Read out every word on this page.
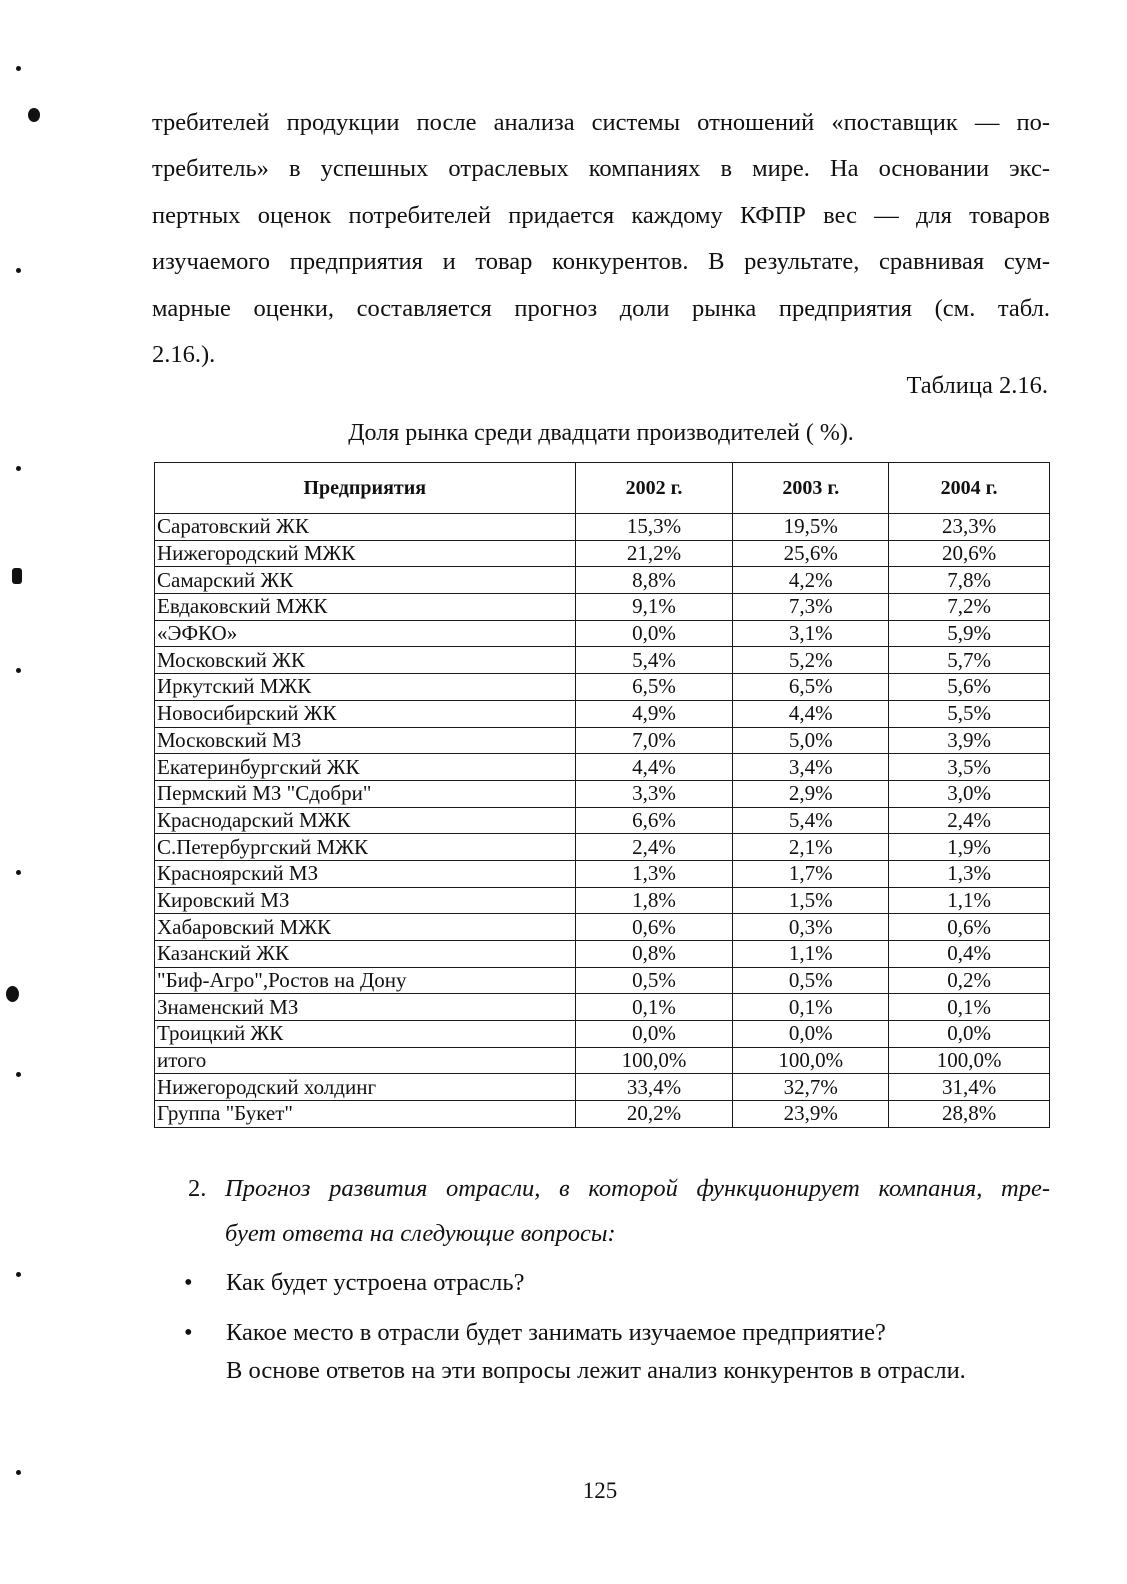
требителей продукции после анализа системы отношений «поставщик — по-
требитель» в успешных отраслевых компаниях в мире. На основании экс-
пертных оценок потребителей придается каждому КФПР вес — для товаров
изучаемого предприятия и товар конкурентов. В результате, сравнивая сум-
марные оценки, составляется прогноз доли рынка предприятия (см. табл.
2.16.).
Таблица 2.16.
Доля рынка среди двадцати производителей ( %).
Предприятия	2002 г.	2003 г.	2004 г.
Саратовский ЖК	15,3%	19,5%	23,3%
Нижегородский МЖК	21,2%	25,6%	20,6%
Самарский ЖК	8,8%	4,2%	7,8%
Евдаковский МЖК	9,1%	7,3%	7,2%
«ЭФКО»	0,0%	3,1%	5,9%
Московский ЖК	5,4%	5,2%	5,7%
Иркутский МЖК	6,5%	6,5%	5,6%
Новосибирский ЖК	4,9%	4,4%	5,5%
Московский МЗ	7,0%	5,0%	3,9%
Екатеринбургский ЖК	4,4%	3,4%	3,5%
Пермский МЗ "Сдобри"	3,3%	2,9%	3,0%
Краснодарский МЖК	6,6%	5,4%	2,4%
С.Петербургский МЖК	2,4%	2,1%	1,9%
Красноярский МЗ	1,3%	1,7%	1,3%
Кировский МЗ	1,8%	1,5%	1,1%
Хабаровский МЖК	0,6%	0,3%	0,6%
Казанский ЖК	0,8%	1,1%	0,4%
"Биф-Агро",Ростов на Дону	0,5%	0,5%	0,2%
Знаменский МЗ	0,1%	0,1%	0,1%
Троицкий ЖК	0,0%	0,0%	0,0%
итого	100,0%	100,0%	100,0%
Нижегородский холдинг	33,4%	32,7%	31,4%
Группа "Букет"	20,2%	23,9%	28,8%
2. Прогноз развития отрасли, в которой функционирует компания, тре-
бует ответа на следующие вопросы:
• Как будет устроена отрасль?
• Какое место в отрасли будет занимать изучаемое предприятие?
В основе ответов на эти вопросы лежит анализ конкурентов в отрасли.
125
